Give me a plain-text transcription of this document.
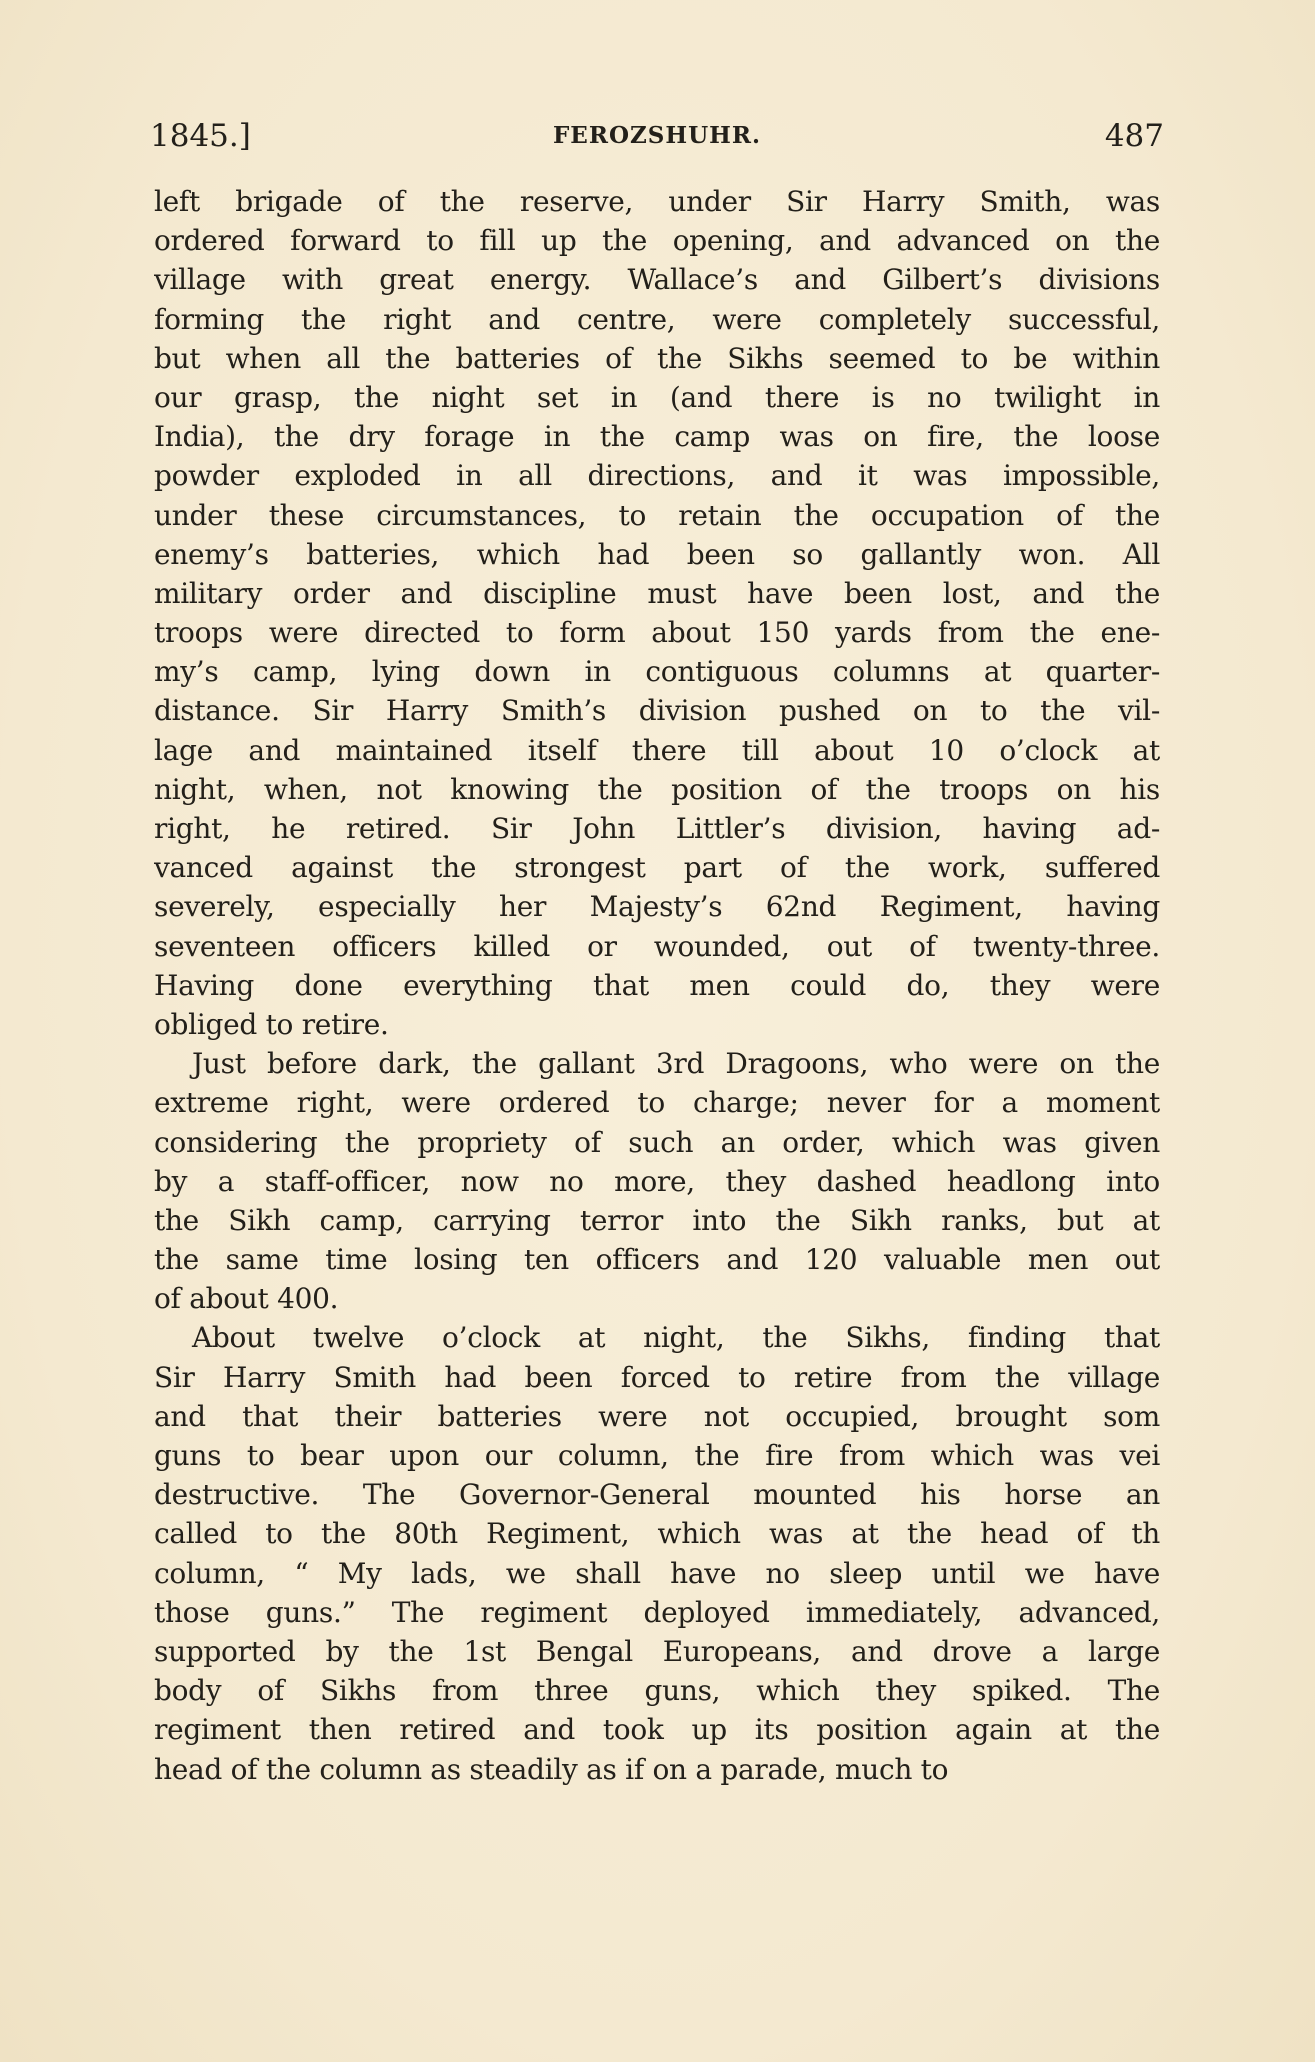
1845.]	FEROZSHUHR.	487
left brigade of the reserve, under Sir Harry Smith, was
ordered forward to fill up the opening, and advanced on the
village with great energy. Wallace’s and Gilbert’s divisions
forming the right and centre, were completely successful,
but when all the batteries of the Sikhs seemed to be within
our grasp, the night set in (and there is no twilight in
India), the dry forage in the camp was on fire, the loose
powder exploded in all directions, and it was impossible,
under these circumstances, to retain the occupation of the
enemy’s batteries, which had been so gallantly won. All
military order and discipline must have been lost, and the
troops were directed to form about 150 yards from the ene-
my’s camp, lying down in contiguous columns at quarter-
distance. Sir Harry Smith’s division pushed on to the vil-
lage and maintained itself there till about 10 o’clock at
night, when, not knowing the position of the troops on his
right, he retired. Sir John Littler’s division, having ad-
vanced against the strongest part of the work, suffered
severely, especially her Majesty’s 62nd Regiment, having
seventeen officers killed or wounded, out of twenty-three.
Having done everything that men could do, they were
obliged to retire.
Just before dark, the gallant 3rd Dragoons, who were on the
extreme right, were ordered to charge; never for a moment
considering the propriety of such an order, which was given
by a staff-officer, now no more, they dashed headlong into
the Sikh camp, carrying terror into the Sikh ranks, but at
the same time losing ten officers and 120 valuable men out
of about 400.
About twelve o’clock at night, the Sikhs, finding that
Sir Harry Smith had been forced to retire from the village
and that their batteries were not occupied, brought som
guns to bear upon our column, the fire from which was vei
destructive. The Governor-General mounted his horse an
called to the 80th Regiment, which was at the head of th
column, “ My lads, we shall have no sleep until we have
those guns.” The regiment deployed immediately, advanced,
supported by the 1st Bengal Europeans, and drove a large
body of Sikhs from three guns, which they spiked. The
regiment then retired and took up its position again at the
head of the column as steadily as if on a parade, much to
